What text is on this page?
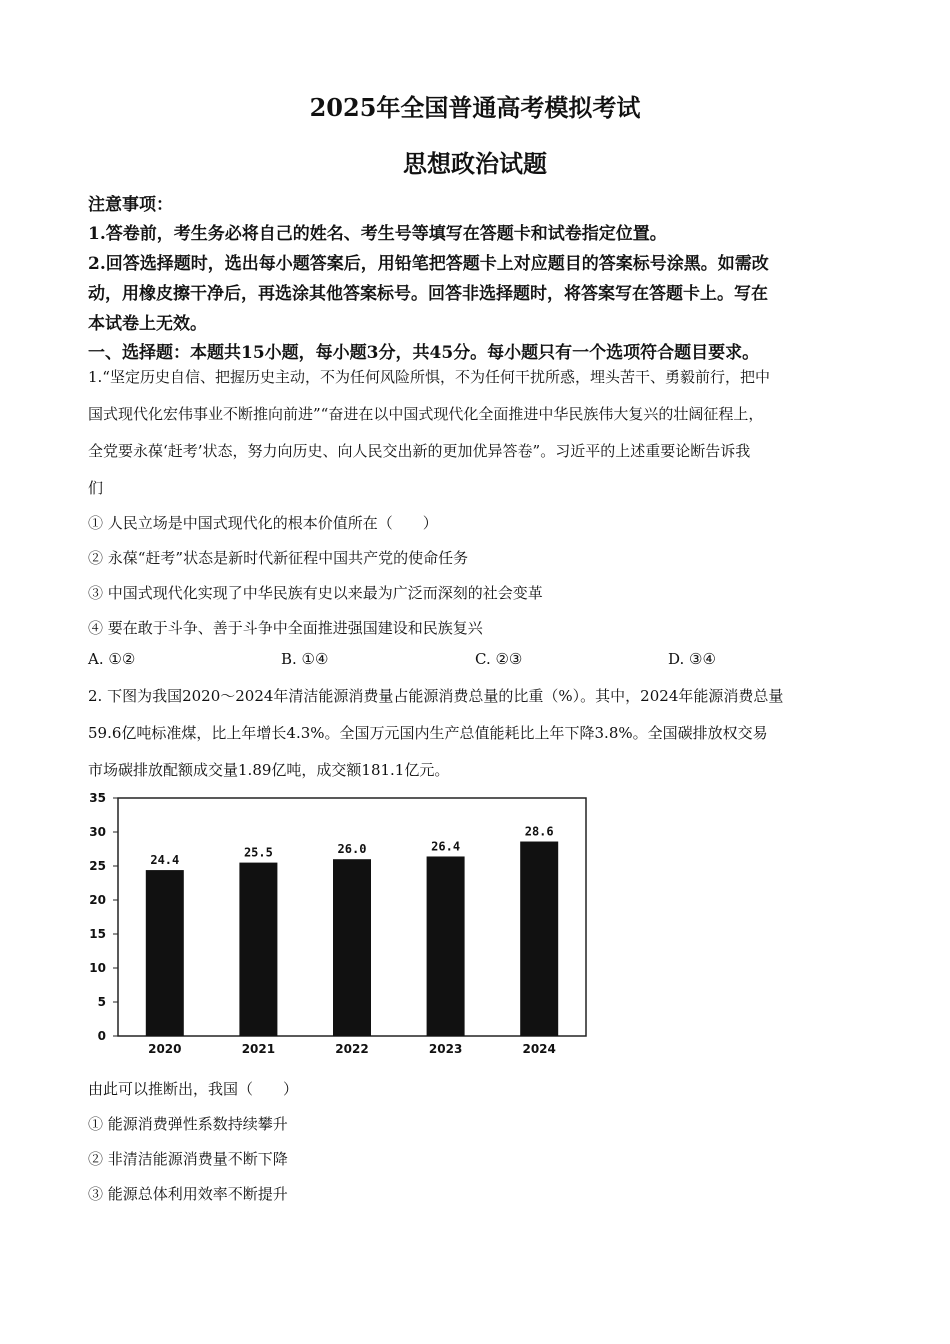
2025年全国普通高考模拟考试
思想政治试题
注意事项：
1.答卷前，考生务必将自己的姓名、考生号等填写在答题卡和试卷指定位置。
2.回答选择题时，选出每小题答案后，用铅笔把答题卡上对应题目的答案标号涂黑。如需改
动，用橡皮擦干净后，再选涂其他答案标号。回答非选择题时，将答案写在答题卡上。写在
本试卷上无效。
一、选择题：本题共15小题，每小题3分，共45分。每小题只有一个选项符合题目要求。
1.“坚定历史自信、把握历史主动，不为任何风险所惧，不为任何干扰所惑，埋头苦干、勇毅前行，把中
国式现代化宏伟事业不断推向前进”“奋进在以中国式现代化全面推进中华民族伟大复兴的壮阔征程上，
全党要永葆‘赶考’状态，努力向历史、向人民交出新的更加优异答卷”。习近平的上述重要论断告诉我
们
① 人民立场是中国式现代化的根本价值所在（　　）
② 永葆“赶考”状态是新时代新征程中国共产党的使命任务
③ 中国式现代化实现了中华民族有史以来最为广泛而深刻的社会变革
④ 要在敢于斗争、善于斗争中全面推进强国建设和民族复兴
A. ①②	B. ①④	C. ②③	D. ③④
2. 下图为我国2020～2024年清洁能源消费量占能源消费总量的比重（%）。其中，2024年能源消费总量
59.6亿吨标准煤，比上年增长4.3%。全国万元国内生产总值能耗比上年下降3.8%。全国碳排放权交易
市场碳排放配额成交量1.89亿吨，成交额181.1亿元。
0
5
10
15
20
25
30
35
24.4
2020
25.5
2021
26.0
2022
26.4
2023
28.6
2024
由此可以推断出，我国（　　）
① 能源消费弹性系数持续攀升
② 非清洁能源消费量不断下降
③ 能源总体利用效率不断提升
